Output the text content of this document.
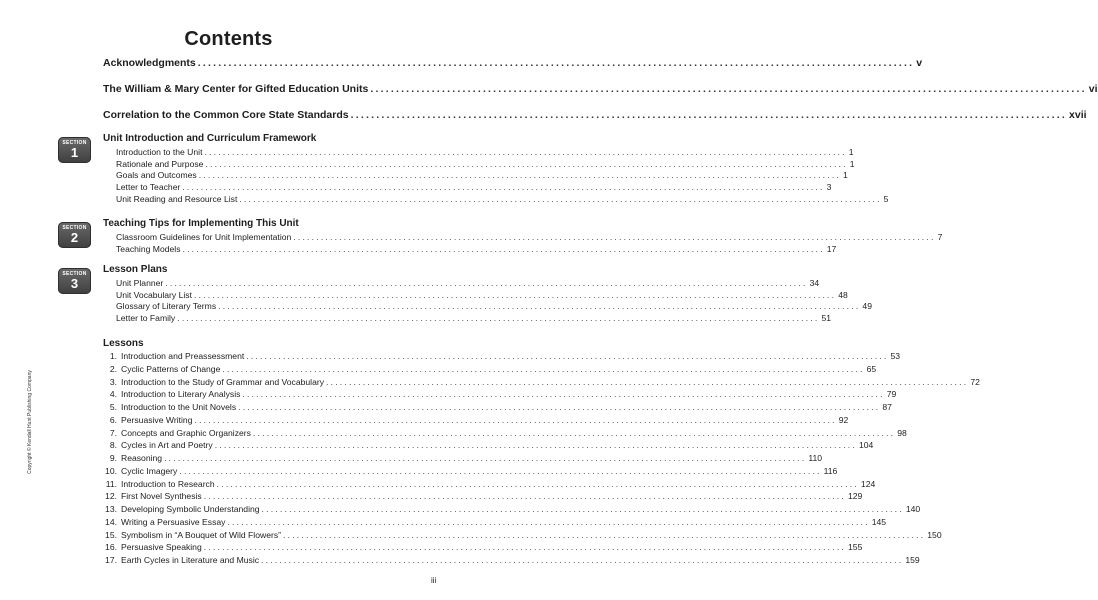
Contents
Copyright © Kendall Hunt Publishing Company
Acknowledgments ............................................................................................................................................ v
The William & Mary Center for Gifted Education Units ............................................................................................................................................ vi
Correlation to the Common Core State Standards ............................................................................................................................................ xvii
SECTION
1
Unit Introduction and Curriculum Framework
SECTION
2
Teaching Tips for Implementing This Unit
SECTION
3
Lesson Plans
Lessons
Introduction to the Unit ............................................................................................................................................ 1
Rationale and Purpose ............................................................................................................................................ 1
Goals and Outcomes ............................................................................................................................................ 1
Letter to Teacher ............................................................................................................................................ 3
Unit Reading and Resource List ............................................................................................................................................ 5
Classroom Guidelines for Unit Implementation ............................................................................................................................................ 7
Teaching Models ............................................................................................................................................ 17
Unit Planner ............................................................................................................................................ 34
Unit Vocabulary List ............................................................................................................................................ 48
Glossary of Literary Terms ............................................................................................................................................ 49
Letter to Family ............................................................................................................................................ 51
1. Introduction and Preassessment ............................................................................................................................................ 53
2. Cyclic Patterns of Change ............................................................................................................................................ 65
3. Introduction to the Study of Grammar and Vocabulary ............................................................................................................................................ 72
4. Introduction to Literary Analysis ............................................................................................................................................ 79
5. Introduction to the Unit Novels ............................................................................................................................................ 87
6. Persuasive Writing ............................................................................................................................................ 92
7. Concepts and Graphic Organizers ............................................................................................................................................ 98
8. Cycles in Art and Poetry ............................................................................................................................................ 104
9. Reasoning ............................................................................................................................................ 110
10. Cyclic Imagery ............................................................................................................................................ 116
11. Introduction to Research ............................................................................................................................................ 124
12. First Novel Synthesis ............................................................................................................................................ 129
13. Developing Symbolic Understanding ............................................................................................................................................ 140
14. Writing a Persuasive Essay ............................................................................................................................................ 145
15. Symbolism in “A Bouquet of Wild Flowers” ............................................................................................................................................ 150
16. Persuasive Speaking ............................................................................................................................................ 155
17. Earth Cycles in Literature and Music ............................................................................................................................................ 159
iii
